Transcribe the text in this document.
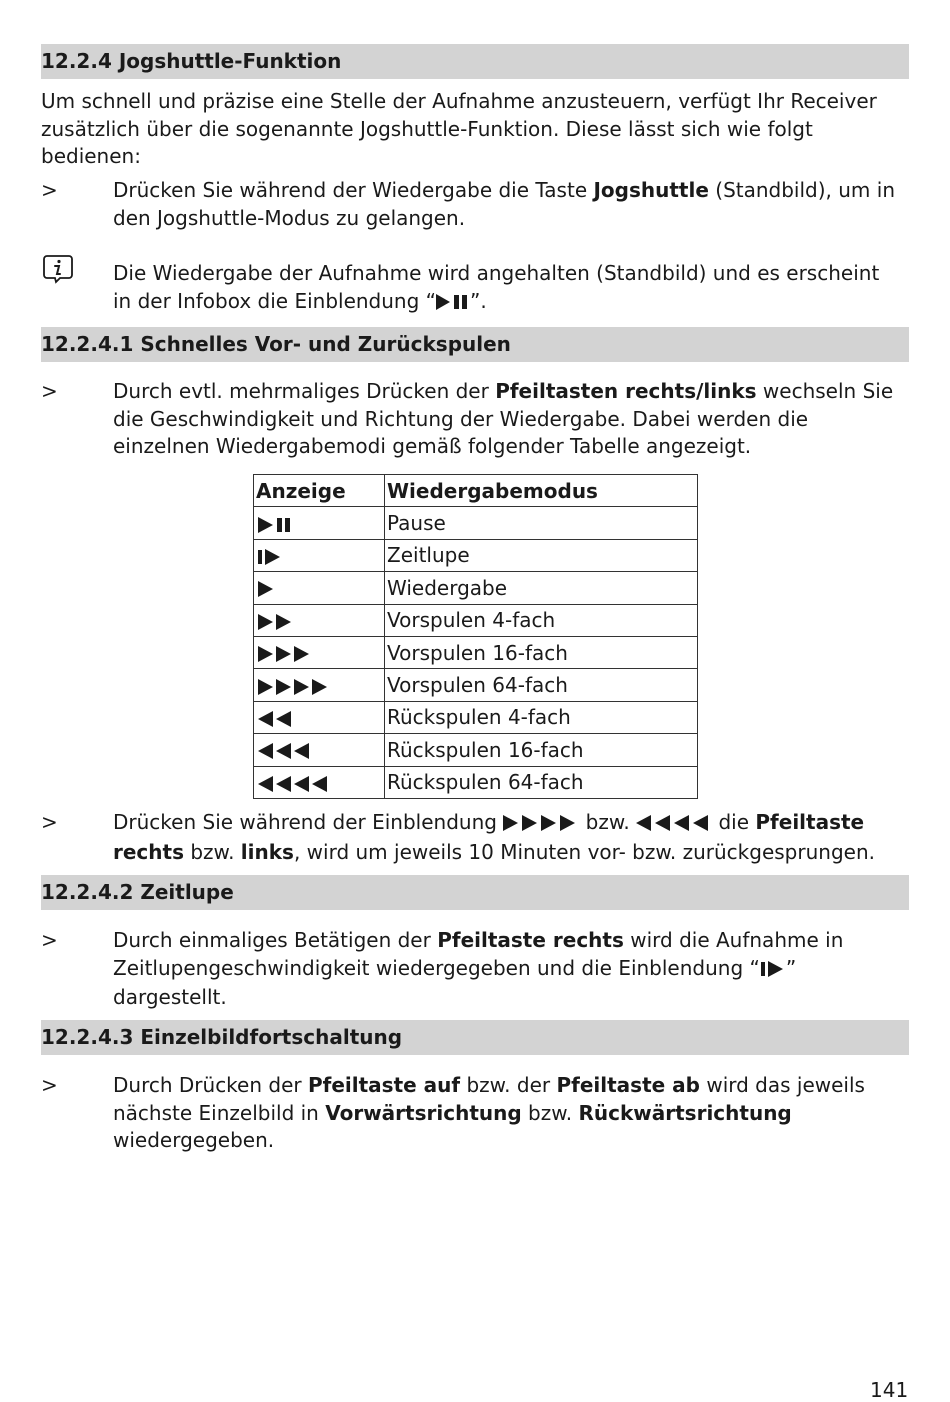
12.2.4 Jogshuttle-Funktion
Um schnell und präzise eine Stelle der Aufnahme anzusteuern, verfügt Ihr Receiver zusätzlich über die sogenannte Jogshuttle-Funktion. Diese lässt sich wie folgt bedienen:
>	Drücken Sie während der Wiedergabe die Taste Jogshuttle (Standbild), um in den Jogshuttle-Modus zu gelangen.
Die Wiedergabe der Aufnahme wird angehalten (Standbild) und es erscheint in der Infobox die Einblendung “ ”.
12.2.4.1 Schnelles Vor- und Zurückspulen
>	Durch evtl. mehrmaliges Drücken der Pfeiltasten rechts/links wechseln Sie die Geschwindigkeit und Richtung der Wiedergabe. Dabei werden die einzelnen Wiedergabemodi gemäß folgender Tabelle angezeigt.
Anzeige	Wiedergabemodus
	Pause
	Zeitlupe
	Wiedergabe
	Vorspulen 4-fach
	Vorspulen 16-fach
	Vorspulen 64-fach
	Rückspulen 4-fach
	Rückspulen 16-fach
	Rückspulen 64-fach
>	Drücken Sie während der Einblendung	bzw.	die Pfeiltaste rechts bzw. links, wird um jeweils 10 Minuten vor- bzw. zurückgesprungen.
12.2.4.2 Zeitlupe
>	Durch einmaliges Betätigen der Pfeiltaste rechts wird die Aufnahme in Zeitlupengeschwindigkeit wiedergegeben und die Einblendung “ ” dargestellt.
12.2.4.3 Einzelbildfortschaltung
>	Durch Drücken der Pfeiltaste auf bzw. der Pfeiltaste ab wird das jeweils nächste Einzelbild in Vorwärtsrichtung bzw. Rückwärtsrichtung wiedergegeben.
141
